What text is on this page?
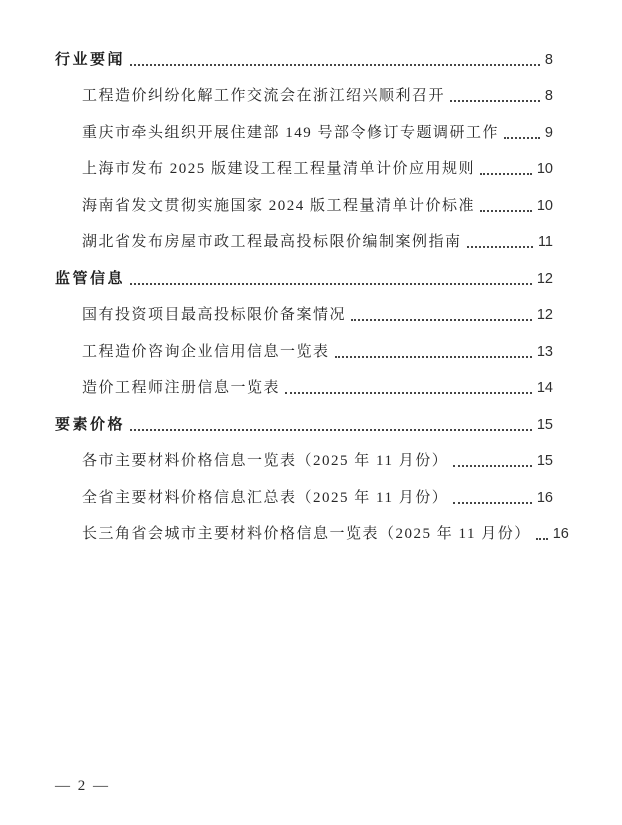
行业要闻	8
工程造价纠纷化解工作交流会在浙江绍兴顺利召开	8
重庆市牵头组织开展住建部 149 号部令修订专题调研工作	9
上海市发布 2025 版建设工程工程量清单计价应用规则	10
海南省发文贯彻实施国家 2024 版工程量清单计价标准	10
湖北省发布房屋市政工程最高投标限价编制案例指南	11
监管信息	12
国有投资项目最高投标限价备案情况	12
工程造价咨询企业信用信息一览表	13
造价工程师注册信息一览表	14
要素价格	15
各市主要材料价格信息一览表（2025 年 11 月份）	15
全省主要材料价格信息汇总表（2025 年 11 月份）	16
长三角省会城市主要材料价格信息一览表（2025 年 11 月份） 16
— 2 —
